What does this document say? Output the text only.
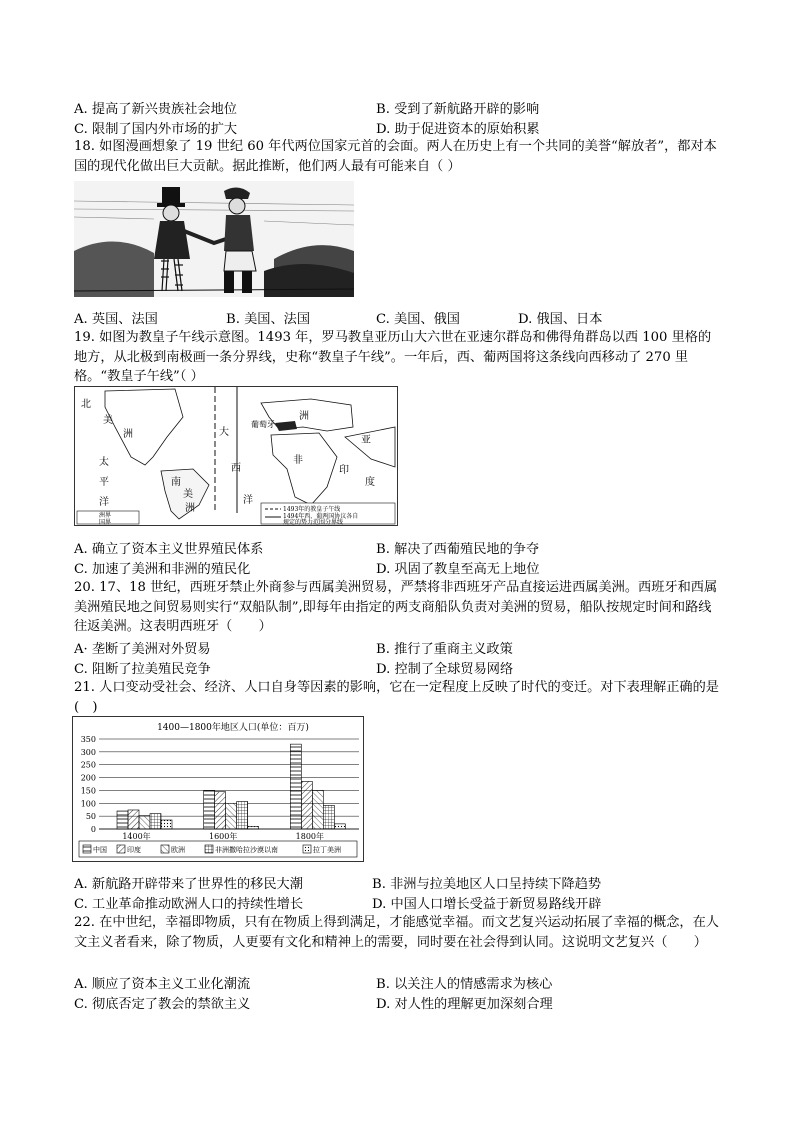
A. 提高了新兴贵族社会地位	B. 受到了新航路开辟的影响
C. 限制了国内外市场的扩大	D. 助于促进资本的原始积累
18. 如图漫画想象了 19 世纪 60 年代两位国家元首的会面。两人在历史上有一个共同的美誉“解放者”，都对本国的现代化做出巨大贡献。据此推断，他们两人最有可能来自（ ）
A. 英国、法国	B. 美国、法国	C. 美国、俄国	D. 俄国、日本
19. 如图为教皇子午线示意图。1493 年，罗马教皇亚历山大六世在亚速尔群岛和佛得角群岛以西 100 里格的地方，从北极到南极画一条分界线，史称“教皇子午线”。一年后，西、葡两国将这条线向西移动了 270 里格。“教皇子午线”（ ）
北
美
洲
太
平
洋
南
美
洲
大
西
洋
葡萄牙
洲
非
亚
印
度
洲界
国界
1493年的教皇子午线
1494年西、葡两国协议各自
规定的势力范围分界线
A. 确立了资本主义世界殖民体系	B. 解决了西葡殖民地的争夺
C. 加速了美洲和非洲的殖民化	D. 巩固了教皇至高无上地位
20. 17、18 世纪，西班牙禁止外商参与西属美洲贸易，严禁将非西班牙产品直接运进西属美洲。西班牙和西属美洲殖民地之间贸易则实行“双船队制”,即每年由指定的两支商船队负责对美洲的贸易，船队按规定时间和路线往返美洲。这表明西班牙（　　）
A· 垄断了美洲对外贸易	B. 推行了重商主义政策
C. 阻断了拉美殖民竞争	D. 控制了全球贸易网络
21. 人口变动受社会、经济、人口自身等因素的影响，它在一定程度上反映了时代的变迁。对下表理解正确的是(　)
1400—1800年地区人口(单位：百万)
0
50
100
150
200
250
300
350
1400年	1600年	1800年
中国	印度	欧洲	非洲撒哈拉沙漠以南	拉丁美洲
A. 新航路开辟带来了世界性的移民大潮	B. 非洲与拉美地区人口呈持续下降趋势
C. 工业革命推动欧洲人口的持续性增长	D. 中国人口增长受益于新贸易路线开辟
22. 在中世纪，幸福即物质，只有在物质上得到满足，才能感觉幸福。而文艺复兴运动拓展了幸福的概念，在人文主义者看来，除了物质，人更要有文化和精神上的需要，同时要在社会得到认同。这说明文艺复兴（　　）
A. 顺应了资本主义工业化潮流	B. 以关注人的情感需求为核心
C. 彻底否定了教会的禁欲主义	D. 对人性的理解更加深刻合理
